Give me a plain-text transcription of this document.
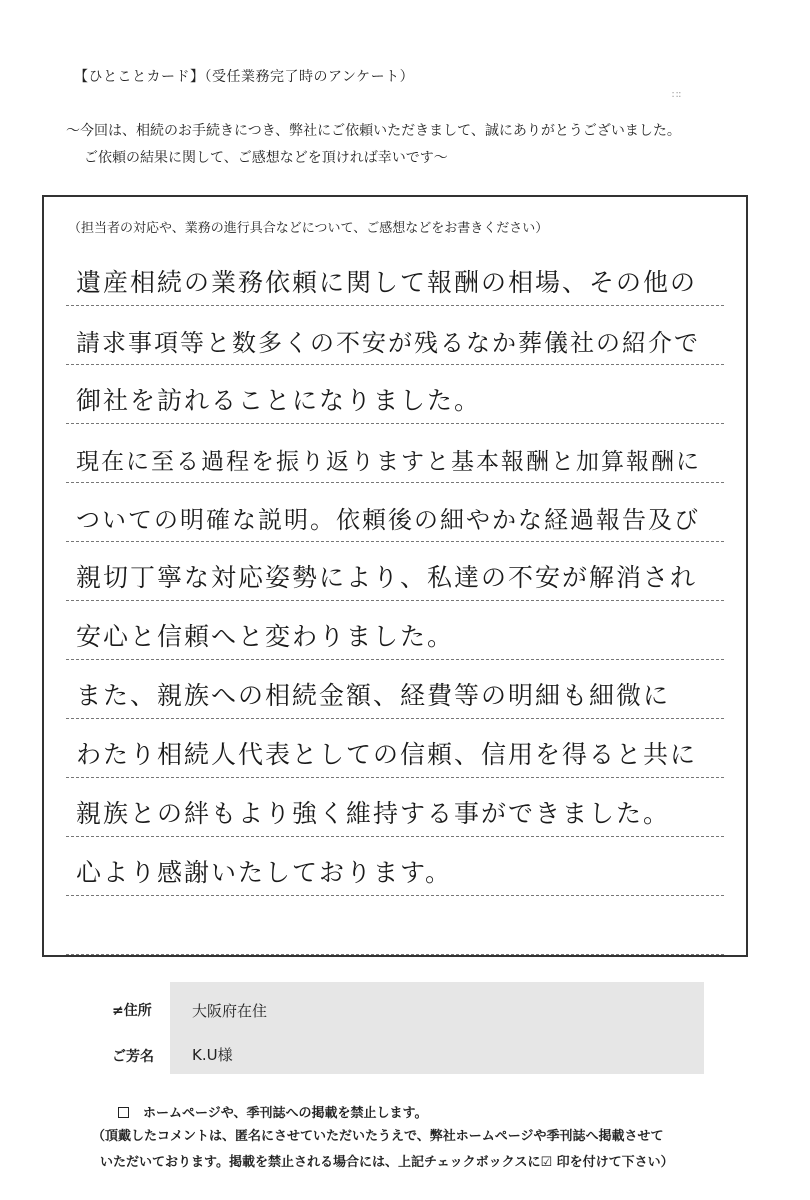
【ひとことカード】（受任業務完了時のアンケート）
∷∶
～今回は、相続のお手続きにつき、弊社にご依頼いただきまして、誠にありがとうございました。
ご依頼の結果に関して、ご感想などを頂ければ幸いです～
（担当者の対応や、業務の進行具合などについて、ご感想などをお書きください）
遺産相続の業務依頼に関して報酬の相場、その他の
請求事項等と数多くの不安が残るなか葬儀社の紹介で
御社を訪れることになりました。
現在に至る過程を振り返りますと基本報酬と加算報酬に
ついての明確な説明。依頼後の細やかな経過報告及び
親切丁寧な対応姿勢により、私達の不安が解消され
安心と信頼へと変わりました。
また、親族への相続金額、経費等の明細も細微に
わたり相続人代表としての信頼、信用を得ると共に
親族との絆もより強く維持する事ができました。
心より感謝いたしております。
≠住所
ご芳名
大阪府在住
K.U様
ホームページや、季刊誌への掲載を禁止します。
（頂戴したコメントは、匿名にさせていただいたうえで、弊社ホームページや季刊誌へ掲載させて
いただいております。掲載を禁止される場合には、上記チェックボックスに☑ 印を付けて下さい）
